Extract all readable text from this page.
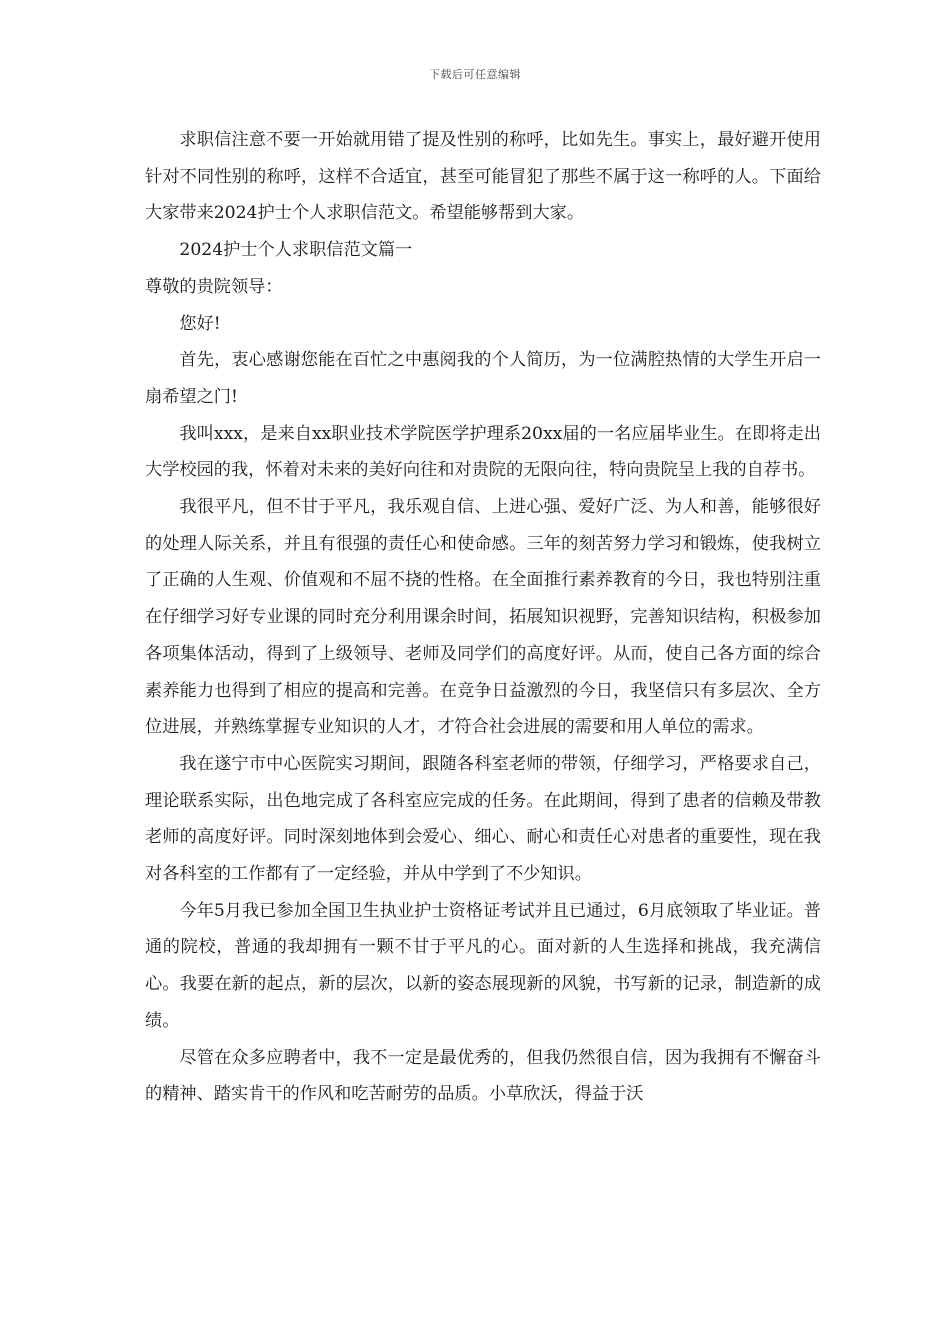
下载后可任意编辑

求职信注意不要一开始就用错了提及性别的称呼，比如先生。事实上，最好避开使用针对不同性别的称呼，这样不合适宜，甚至可能冒犯了那些不属于这一称呼的人。下面给大家带来2024护士个人求职信范文。希望能够帮到大家。

2024护士个人求职信范文篇一

尊敬的贵院领导：

您好!

首先，衷心感谢您能在百忙之中惠阅我的个人简历，为一位满腔热情的大学生开启一扇希望之门!

我叫xxx，是来自xx职业技术学院医学护理系20xx届的一名应届毕业生。在即将走出大学校园的我，怀着对未来的美好向往和对贵院的无限向往，特向贵院呈上我的自荐书。

我很平凡，但不甘于平凡，我乐观自信、上进心强、爱好广泛、为人和善，能够很好的处理人际关系，并且有很强的责任心和使命感。三年的刻苦努力学习和锻炼，使我树立了正确的人生观、价值观和不屈不挠的性格。在全面推行素养教育的今日，我也特别注重在仔细学习好专业课的同时充分利用课余时间，拓展知识视野，完善知识结构，积极参加各项集体活动，得到了上级领导、老师及同学们的高度好评。从而，使自己各方面的综合素养能力也得到了相应的提高和完善。在竞争日益激烈的今日，我坚信只有多层次、全方位进展，并熟练掌握专业知识的人才，才符合社会进展的需要和用人单位的需求。

我在遂宁市中心医院实习期间，跟随各科室老师的带领，仔细学习，严格要求自己，理论联系实际，出色地完成了各科室应完成的任务。在此期间，得到了患者的信赖及带教老师的高度好评。同时深刻地体到会爱心、细心、耐心和责任心对患者的重要性，现在我对各科室的工作都有了一定经验，并从中学到了不少知识。

今年5月我已参加全国卫生执业护士资格证考试并且已通过，6月底领取了毕业证。普通的院校，普通的我却拥有一颗不甘于平凡的心。面对新的人生选择和挑战，我充满信心。我要在新的起点，新的层次，以新的姿态展现新的风貌，书写新的记录，制造新的成绩。

尽管在众多应聘者中，我不一定是最优秀的，但我仍然很自信，因为我拥有不懈奋斗的精神、踏实肯干的作风和吃苦耐劳的品质。小草欣沃，得益于沃
